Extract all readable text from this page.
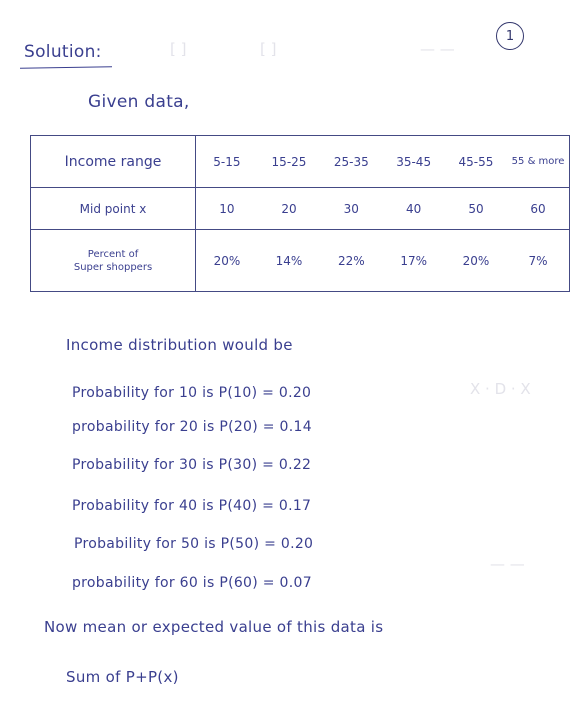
[ ]	[ ]	— —
X · D · X
— —
1
Solution:
Given data,
Income range	5-15	15-25	25-35	35-45	45-55	55 & more
Mid point x	10	20	30	40	50	60
Percent of
Super shoppers	20%	14%	22%	17%	20%	7%
Income distribution would be
Probability for 10 is P(10) = 0.20
probability for 20 is P(20) = 0.14
Probability for 30 is P(30) = 0.22
Probability for 40 is P(40) = 0.17
Probability for 50 is P(50) = 0.20
probability for 60 is P(60) = 0.07
Now mean or expected value of this data is
Sum of P+P(x)
